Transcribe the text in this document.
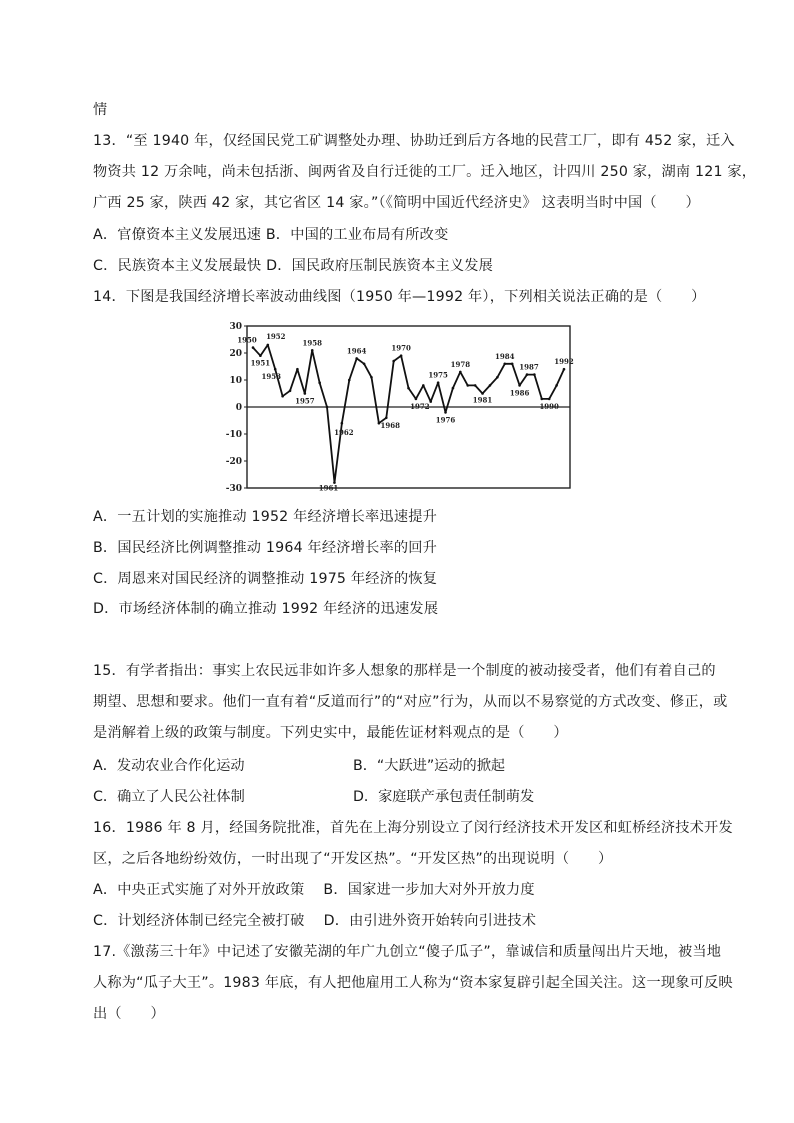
情
13．“至 1940 年，仅经国民党工矿调整处办理、协助迁到后方各地的民营工厂，即有 452 家，迁入
物资共 12 万余吨，尚未包括浙、闽两省及自行迁徙的工厂。迁入地区，计四川 250 家，湖南 121 家，
广西 25 家，陕西 42 家，其它省区 14 家。”（《简明中国近代经济史》 这表明当时中国（　　）
A．官僚资本主义发展迅速 B．中国的工业布局有所改变
C．民族资本主义发展最快 D．国民政府压制民族资本主义发展
14．下图是我国经济增长率波动曲线图（1950 年—1992 年），下列相关说法正确的是（　　）
30
20
10
0
-10
-20
-30
1950
1951
1952
1953
1957
1958
1961
1962
1964
1968
1970
1972
1975
1976
1978
1981
1984
1986
1987
1990
1992
A．一五计划的实施推动 1952 年经济增长率迅速提升
B．国民经济比例调整推动 1964 年经济增长率的回升
C．周恩来对国民经济的调整推动 1975 年经济的恢复
D．市场经济体制的确立推动 1992 年经济的迅速发展
15．有学者指出：事实上农民远非如许多人想象的那样是一个制度的被动接受者，他们有着自己的
期望、思想和要求。他们一直有着“反道而行”的“对应”行为，从而以不易察觉的方式改变、修正，或
是消解着上级的政策与制度。下列史实中，最能佐证材料观点的是（　　）
A．发动农业合作化运动	B．“大跃进”运动的掀起
C．确立了人民公社体制	D．家庭联产承包责任制萌发
16．1986 年 8 月，经国务院批准，首先在上海分别设立了闵行经济技术开发区和虹桥经济技术开发
区，之后各地纷纷效仿，一时出现了“开发区热”。“开发区热”的出现说明（　　）
A．中央正式实施了对外开放政策　 B．国家进一步加大对外开放力度
C．计划经济体制已经完全被打破　 D．由引进外资开始转向引进技术
17.《激荡三十年》中记述了安徽芜湖的年广九创立“傻子瓜子”，靠诚信和质量闯出片天地，被当地
人称为“瓜子大王”。1983 年底，有人把他雇用工人称为“资本家复辟引起全国关注。这一现象可反映
出（　　）
